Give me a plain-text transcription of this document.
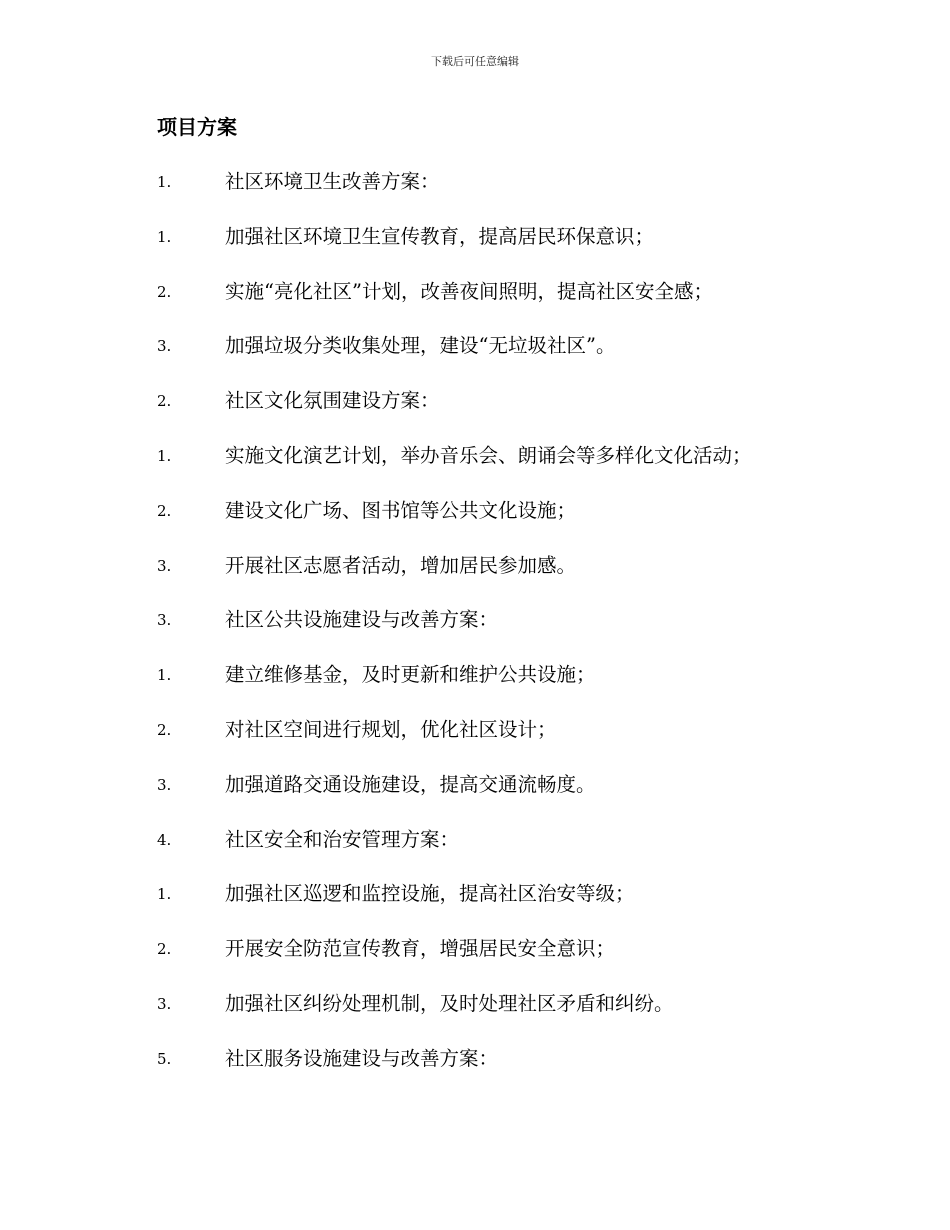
下载后可任意编辑
项目方案
1.	社区环境卫生改善方案：
1.	加强社区环境卫生宣传教育，提高居民环保意识；
2.	实施“亮化社区”计划，改善夜间照明，提高社区安全感；
3.	加强垃圾分类收集处理，建设“无垃圾社区”。
2.	社区文化氛围建设方案：
1.	实施文化演艺计划，举办音乐会、朗诵会等多样化文化活动；
2.	建设文化广场、图书馆等公共文化设施；
3.	开展社区志愿者活动，增加居民参加感。
3.	社区公共设施建设与改善方案：
1.	建立维修基金，及时更新和维护公共设施；
2.	对社区空间进行规划，优化社区设计；
3.	加强道路交通设施建设，提高交通流畅度。
4.	社区安全和治安管理方案：
1.	加强社区巡逻和监控设施，提高社区治安等级；
2.	开展安全防范宣传教育，增强居民安全意识；
3.	加强社区纠纷处理机制，及时处理社区矛盾和纠纷。
5.	社区服务设施建设与改善方案：
